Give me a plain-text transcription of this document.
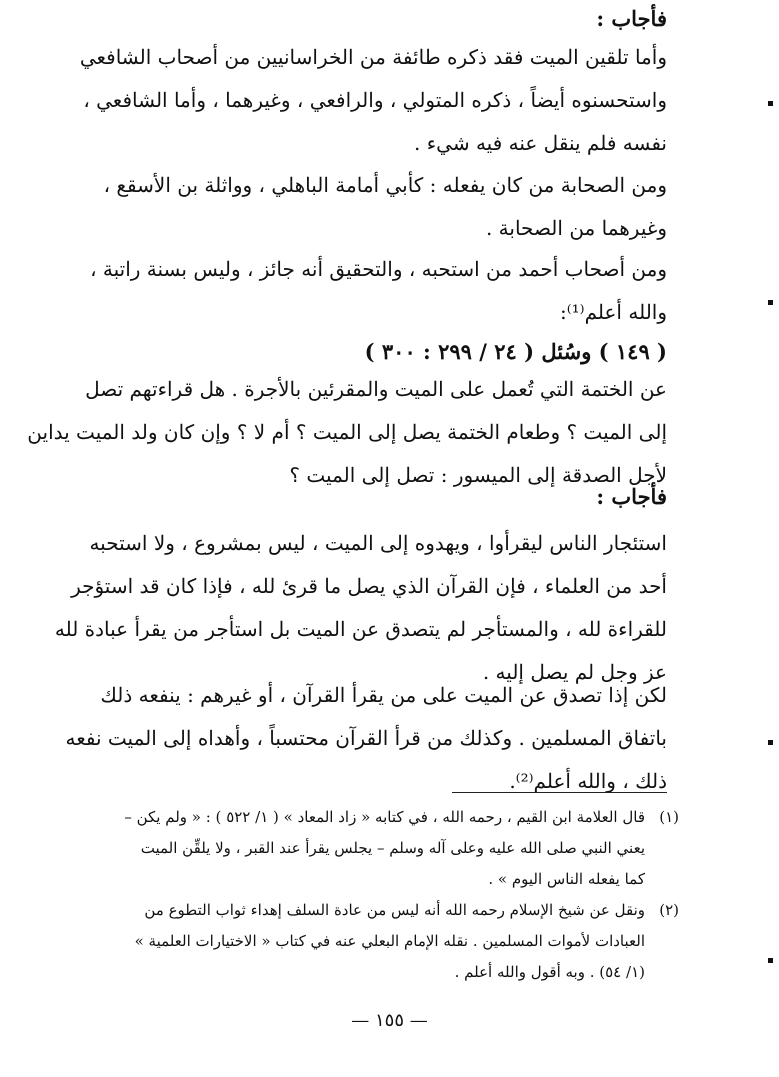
فأجاب :
وأما تلقين الميت فقد ذكره طائفة من الخراسانيين من أصحاب الشافعي
واستحسنوه أيضاً ، ذكره المتولي ، والرافعي ، وغيرهما ، وأما الشافعي ،
نفسه فلم ينقل عنه فيه شيء .
ومن الصحابة من كان يفعله : كأبي أمامة الباهلي ، وواثلة بن الأسقع ،
وغيرهما من الصحابة .
ومن أصحاب أحمد من استحبه ، والتحقيق أنه جائز ، وليس بسنة راتبة ،
والله أعلم⁽¹⁾:
( ١٤٩ ) وسُئل ( ٢٤ / ٢٩٩ : ٣٠٠ )
عن الختمة التي تُعمل على الميت والمقرئين بالأجرة . هل قراءتهم تصل
إلى الميت ؟ وطعام الختمة يصل إلى الميت ؟ أم لا ؟ وإن كان ولد الميت يداين
لأجل الصدقة إلى الميسور : تصل إلى الميت ؟
فأجاب :
استئجار الناس ليقرأوا ، ويهدوه إلى الميت ، ليس بمشروع ، ولا استحبه
أحد من العلماء ، فإن القرآن الذي يصل ما قرئ لله ، فإذا كان قد استؤجر
للقراءة لله ، والمستأجر لم يتصدق عن الميت بل استأجر من يقرأ عبادة لله
عز وجل لم يصل إليه .
لكن إذا تصدق عن الميت على من يقرأ القرآن ، أو غيرهم : ينفعه ذلك
باتفاق المسلمين . وكذلك من قرأ القرآن محتسباً ، وأهداه إلى الميت نفعه
ذلك ، والله أعلم⁽²⁾.
(١)
قال العلامة ابن القيم ، رحمه الله ، في كتابه « زاد المعاد » ( ١/ ٥٢٢ ) : « ولم يكن –
يعني النبي صلى الله عليه وعلى آله وسلم – يجلس يقرأ عند القبر ، ولا يلقِّن الميت
كما يفعله الناس اليوم » .
(٢)
ونقل عن شيخ الإسلام رحمه الله أنه ليس من عادة السلف إهداء ثواب التطوع من
العبادات لأموات المسلمين . نقله الإمام البعلي عنه في كتاب « الاختيارات العلمية »
(١/ ٥٤) . وبه أقول والله أعلم .
— ١٥٥ —
